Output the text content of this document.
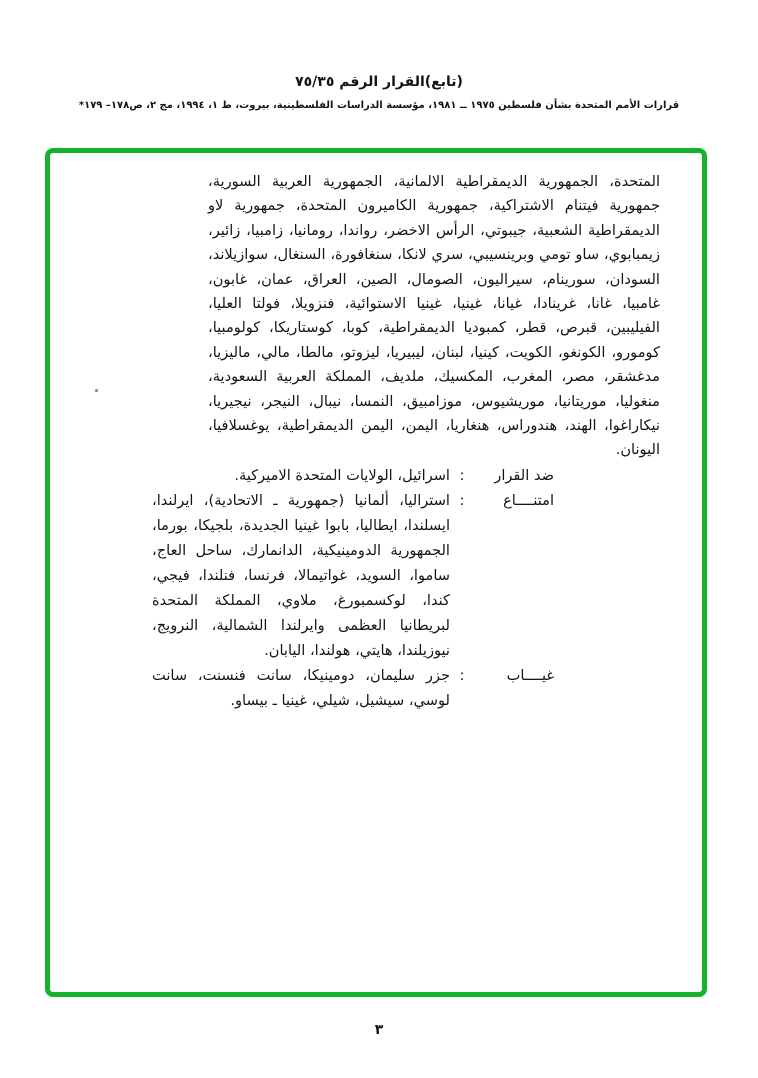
(تابع)القرار الرقم ٧٥/٣٥
قرارات الأمم المتحدة بشأن فلسطين ١٩٧٥ ــ ١٩٨١، مؤسسة الدراسات الفلسطينية، بيروت، ط ١، ١٩٩٤، مج ٢، ص١٧٨– ١٧٩*

المتحدة، الجمهورية الديمقراطية الالمانية، الجمهورية العربية السورية، جمهورية فيتنام الاشتراكية، جمهورية الكاميرون المتحدة، جمهورية لاو الديمقراطية الشعبية، جيبوتي، الرأس الاخضر، رواندا، رومانيا، زامبيا، زائير، زيمبابوي، ساو تومي وبرينسيبي، سري لانكا، سنغافورة، السنغال، سوازيلاند، السودان، سورينام، سيراليون، الصومال، الصين، العراق، عمان، غابون، غامبيا، غانا، غرينادا، غيانا، غينيا، غينيا الاستوائية، فنزويلا، فولتا العليا، الفيليبين، قبرص، قطر، كمبوديا الديمقراطية، كوبا، كوستاريكا، كولومبيا، كومورو، الكونغو، الكويت، كينيا، لبنان، ليبيريا، ليزوتو، مالطا، مالي، ماليزيا، مدغشقر، مصر، المغرب، المكسيك، ملديف، المملكة العربية السعودية، منغوليا، موريتانيا، موريشيوس، موزامبيق، النمسا، نيبال، النيجر، نيجيريا، نيكاراغوا، الهند، هندوراس، هنغاريا، اليمن، اليمن الديمقراطية، يوغسلافيا، اليونان.

ضد القرار
:
اسرائيل، الولايات المتحدة الاميركية.
امتنــــاع
:
استراليا، ألمانيا (جمهورية ـ الاتحادية)، ايرلندا، ايسلندا، ايطاليا، بابوا غينيا الجديدة، بلجيكا، بورما، الجمهورية الدومينيكية، الدانمارك، ساحل العاج، ساموا، السويد، غواتيمالا، فرنسا، فنلندا، فيجي، كندا، لوكسمبورغ، ملاوي، المملكة المتحدة لبريطانيا العظمى وايرلندا الشمالية، النرويج، نيوزيلندا، هايتي، هولندا، اليابان.
غيــــاب
:
جزر سليمان، دومينيكا، سانت فنسنت، سانت لوسي، سيشيل، شيلي، غينيا ـ بيساو.
٣
